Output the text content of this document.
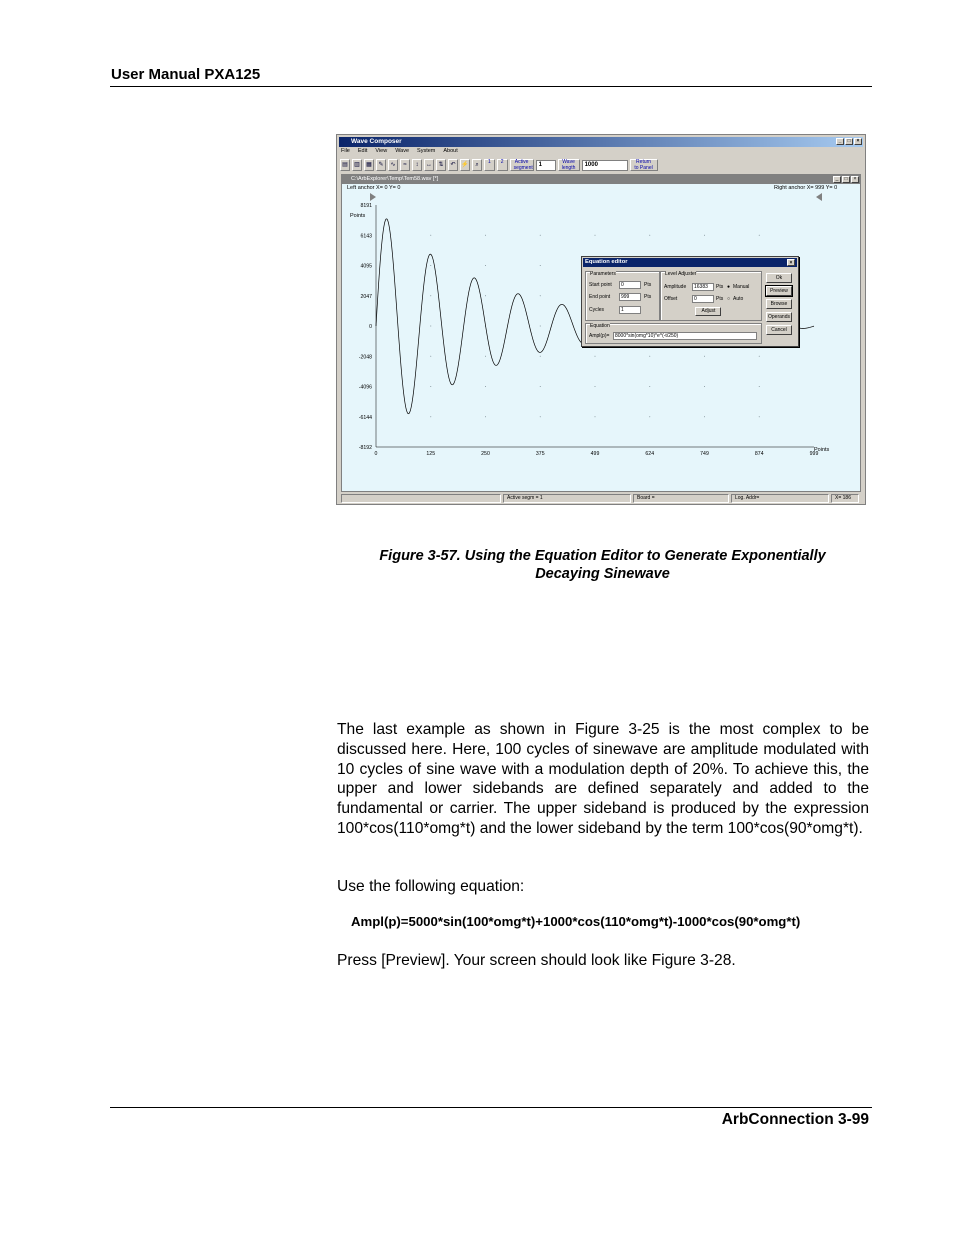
User Manual PXA125
Wave Composer	_	□	×
File Edit View Wave System About
▤	▥	▦	✎	∿	≈	↕	↔	⇅	↶ ⚡	⌕	1	2	Active segment 1	Wave length	1000	Return to Panel
C:\ArbExplorer\Temp\Tem58.wav [*]	_	□	×
Left anchor X= 0 Y= 0	Right anchor X= 999 Y= 0
Points
Points
8191
6143
4095
2047
0
-2048
-4096
-6144
-8192
0	125	250	375	499	624	749	874	999
Equation editor	×
Parameters
Start point	0	Pts
End point	999	Pts
Cycles	1
Level Adjuster
Amplitude	16383	Pts ● Manual
Offset	0	Pts ○ Auto
Adjust
Equation
Ampl(p)=	8000*sin(omg*10)*e^(-t/250)
Ok
Preview
Browse
Operands
Cancel
Active segm = 1	Board =	Log. Addr=	X= 186
Figure 3-57. Using the Equation Editor to Generate Exponentially
Decaying Sinewave
The last example as shown in Figure 3-25 is the most complex to be discussed here. Here, 100 cycles of sinewave are amplitude modulated with 10 cycles of sine wave with a modulation depth of 20%. To achieve this, the upper and lower sidebands are defined separately and added to the fundamental or carrier. The upper sideband is produced by the expression 100*cos(110*omg*t) and the lower sideband by the term 100*cos(90*omg*t).
Use the following equation:
Ampl(p)=5000*sin(100*omg*t)+1000*cos(110*omg*t)-1000*cos(90*omg*t)
Press [Preview]. Your screen should look like Figure 3-28.
ArbConnection 3-99
